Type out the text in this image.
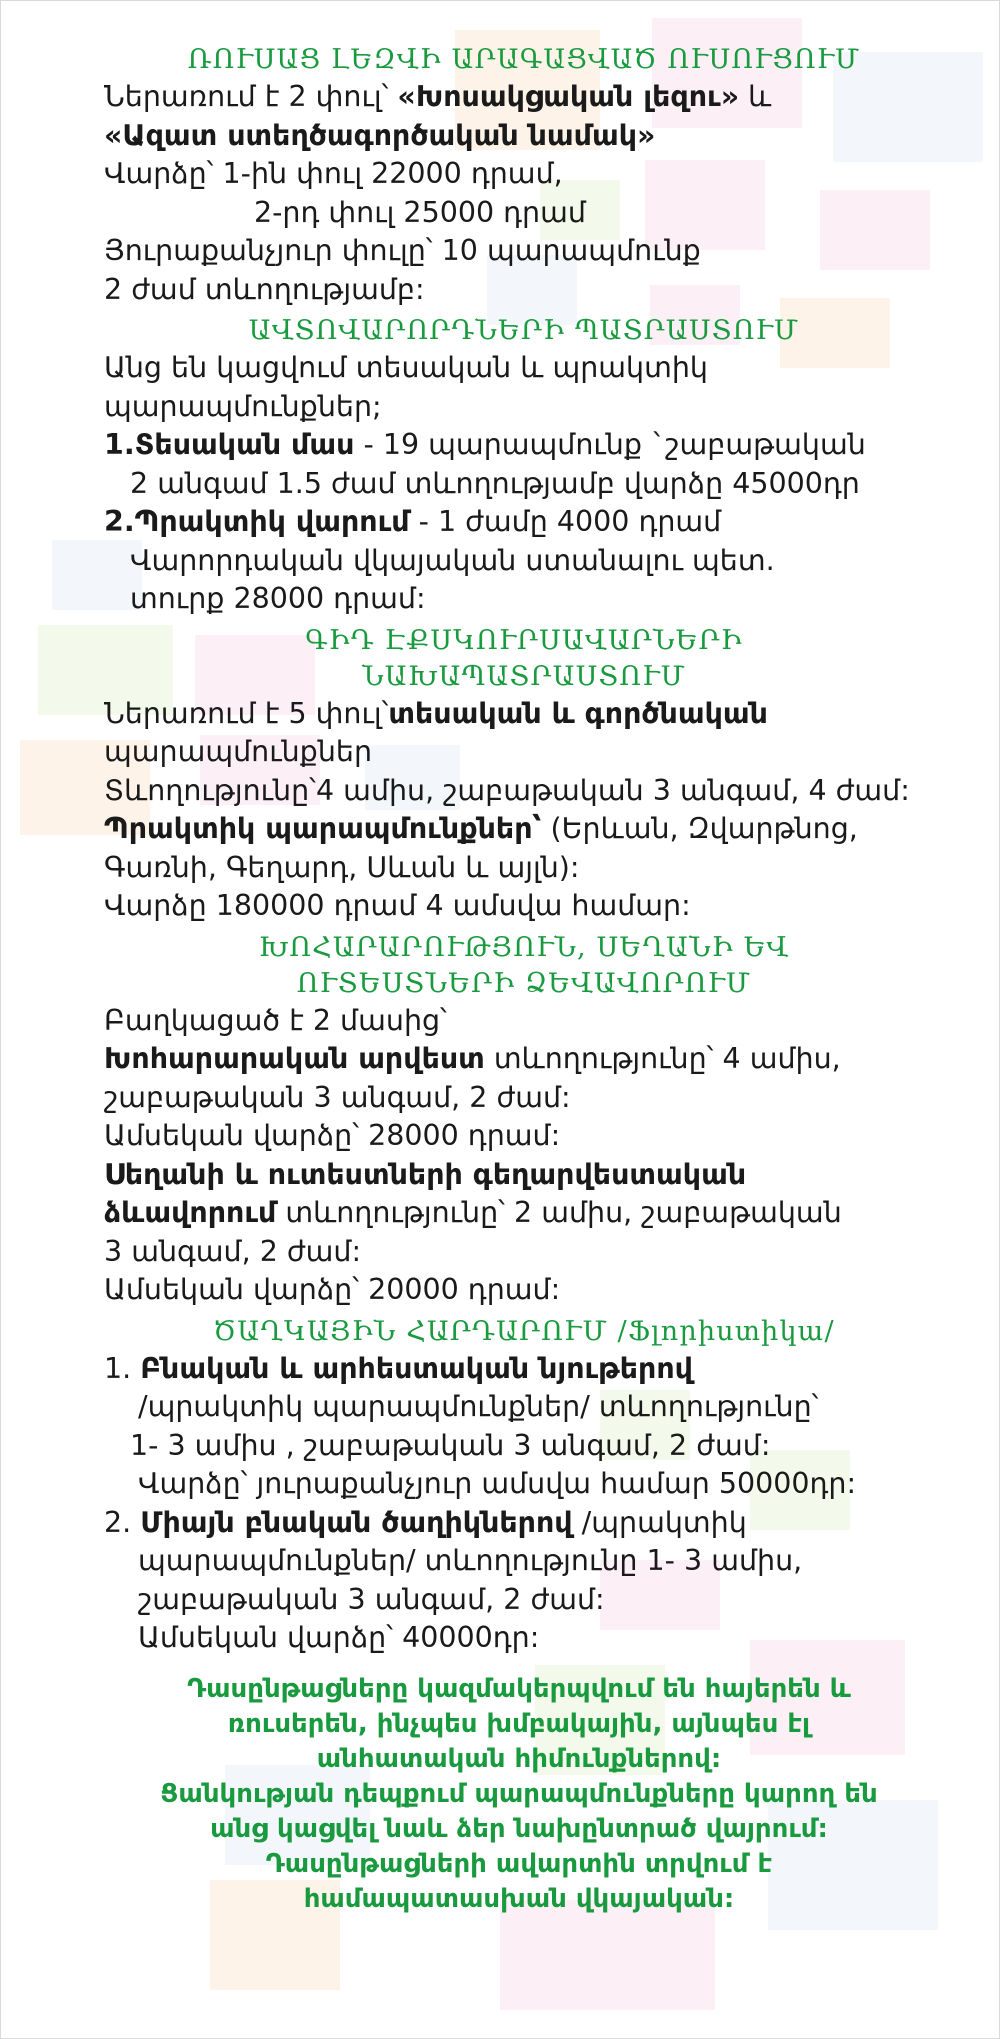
ՌՈՒՍԱՑ ԼԵԶՎԻ ԱՐԱԳԱՑՎԱԾ ՈՒՍՈՒՑՈՒՄ
Ներառում է 2 փուլ՝ «Խոսակցական լեզու» և
«Ազատ ստեղծագործական նամակ»
Վարձը՝ 1-ին փուլ 22000 դրամ,
2-րդ փուլ 25000 դրամ
Յուրաքանչյուր փուլը՝ 10 պարապմունք
2 ժամ տևողությամբ:
ԱՎՏՈՎԱՐՈՐԴՆԵՐԻ ՊԱՏՐԱՍՏՈՒՄ
Անց են կացվում տեսական և պրակտիկ
պարապմունքներ;
1.Տեսական մաս - 19 պարապմունք `շաբաթական
2 անգամ 1.5 ժամ տևողությամբ վարձը 45000դր
2.Պրակտիկ վարում - 1 ժամը 4000 դրամ
Վարորդական վկայական ստանալու պետ.
տուրք 28000 դրամ:
ԳԻԴ ԷՔՍԿՈՒՐՍԱՎԱՐՆԵՐԻ
ՆԱԽԱՊԱՏՐԱՍՏՈՒՄ
Ներառում է 5 փուլ՝տեսական և գործնական
պարապմունքներ
Տևողությունը՝4 ամիս, շաբաթական 3 անգամ, 4 ժամ:
Պրակտիկ պարապմունքներ՝ (Երևան, Զվարթնոց,
Գառնի, Գեղարդ, Սևան և այլն):
Վարձը 180000 դրամ 4 ամսվա համար:
ԽՈՀԱՐԱՐՈՒԹՅՈՒՆ, ՍԵՂԱՆԻ ԵՎ
ՈՒՏԵՍՏՆԵՐԻ ՁԵՎԱՎՈՐՈՒՄ
Բաղկացած է 2 մասից՝
Խոհարարական արվեստ տևողությունը՝ 4 ամիս,
շաբաթական 3 անգամ, 2 ժամ:
Ամսեկան վարձը՝ 28000 դրամ:
Սեղանի և ուտեստների գեղարվեստական
ձևավորում տևողությունը՝ 2 ամիս, շաբաթական
3 անգամ, 2 ժամ:
Ամսեկան վարձը՝ 20000 դրամ:
ԾԱՂԿԱՅԻՆ ՀԱՐԴԱՐՈՒՄ /Ֆլորիստիկա/
1. Բնական և արհեստական նյութերով
/պրակտիկ պարապմունքներ/ տևողությունը՝
1- 3 ամիս , շաբաթական 3 անգամ, 2 ժամ:
Վարձը՝ յուրաքանչյուր ամսվա համար 50000դր:
2. Միայն բնական ծաղիկներով /պրակտիկ
պարապմունքներ/ տևողությունը 1- 3 ամիս,
շաբաթական 3 անգամ, 2 ժամ:
Ամսեկան վարձը՝ 40000դր:
Դասընթացները կազմակերպվում են հայերեն և
ռուսերեն, ինչպես խմբակային, այնպես էլ
անհատական հիմունքներով:
Ցանկության դեպքում պարապմունքները կարող են
անց կացվել նաև ձեր նախընտրած վայրում:
Դասընթացների ավարտին տրվում է
համապատասխան վկայական:
